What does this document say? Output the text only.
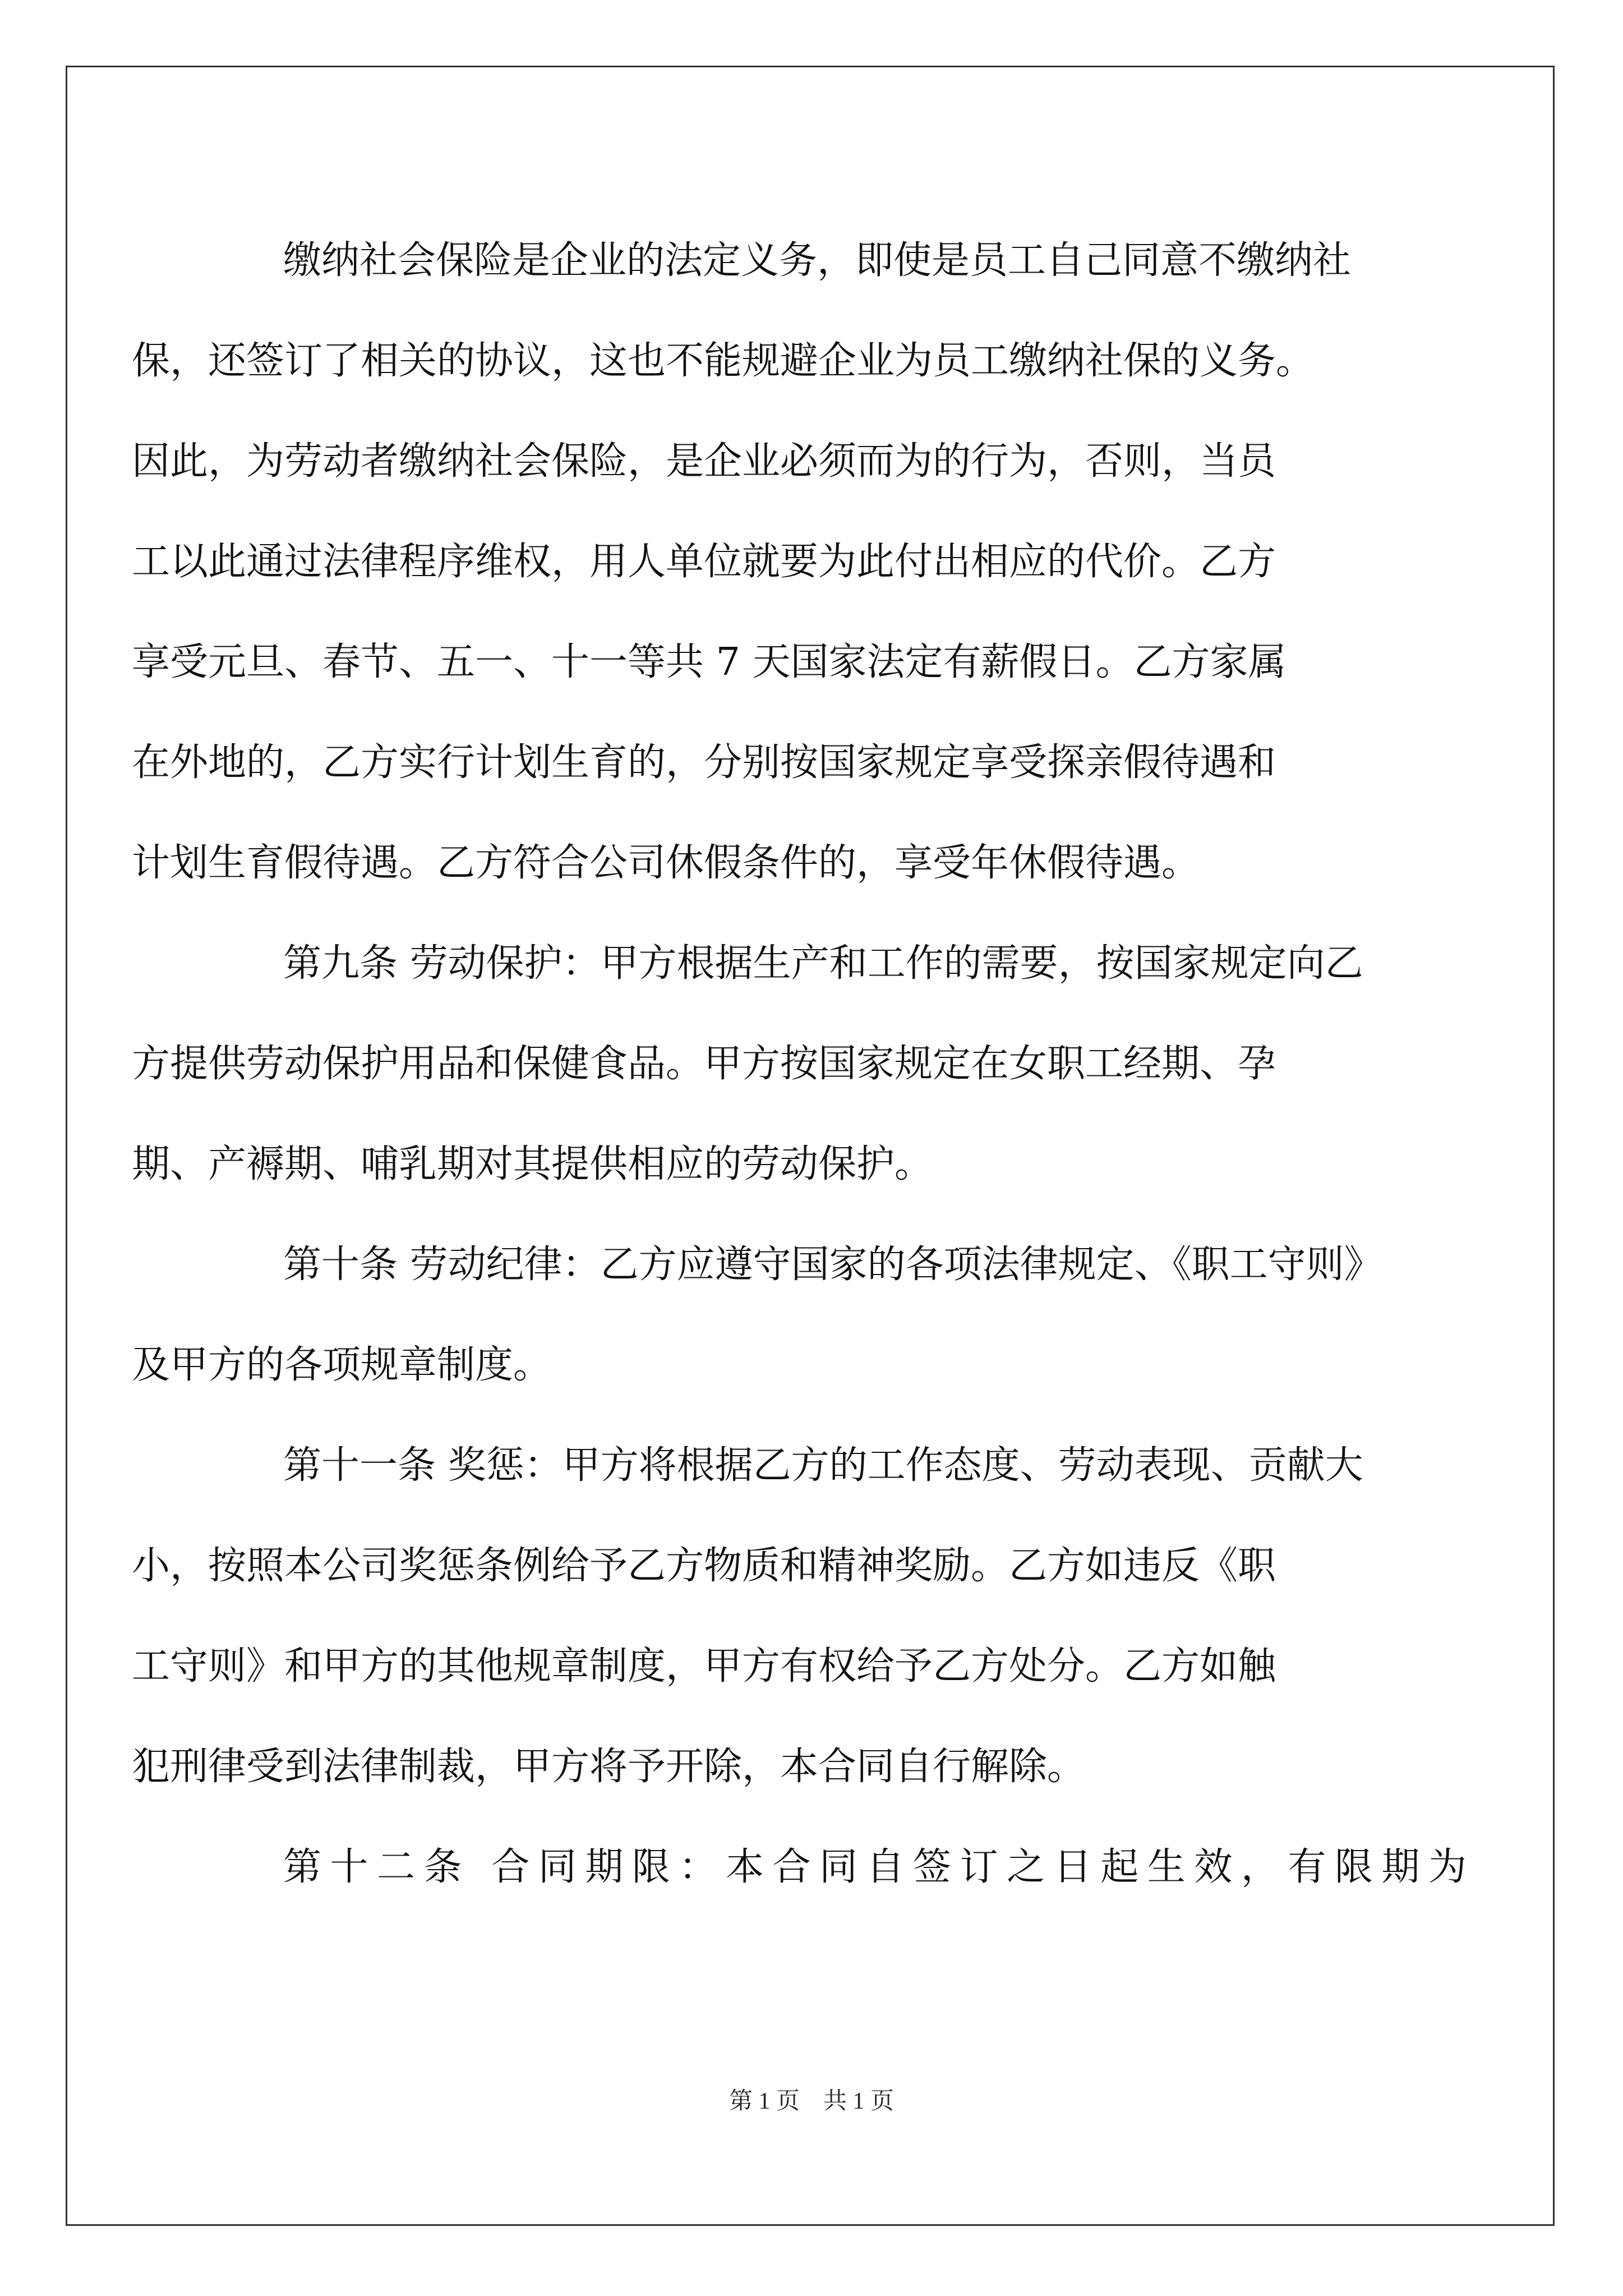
缴纳社会保险是企业的法定义务，即使是员工自己同意不缴纳社
保，还签订了相关的协议，这也不能规避企业为员工缴纳社保的义务。
因此，为劳动者缴纳社会保险，是企业必须而为的行为，否则，当员
工以此通过法律程序维权，用人单位就要为此付出相应的代价。乙方
享受元旦、春节、五一、十一等共 7 天国家法定有薪假日。乙方家属
在外地的，乙方实行计划生育的，分别按国家规定享受探亲假待遇和
计划生育假待遇。乙方符合公司休假条件的，享受年休假待遇。
第九条 劳动保护：甲方根据生产和工作的需要，按国家规定向乙
方提供劳动保护用品和保健食品。甲方按国家规定在女职工经期、孕
期、产褥期、哺乳期对其提供相应的劳动保护。
第十条 劳动纪律：乙方应遵守国家的各项法律规定、《职工守则》
及甲方的各项规章制度。
第十一条 奖惩：甲方将根据乙方的工作态度、劳动表现、贡献大
小，按照本公司奖惩条例给予乙方物质和精神奖励。乙方如违反《职
工守则》和甲方的其他规章制度，甲方有权给予乙方处分。乙方如触
犯刑律受到法律制裁，甲方将予开除，本合同自行解除。
第十二条 合同期限：本合同自签订之日起生效，有限期为
第 1 页　共 1 页
